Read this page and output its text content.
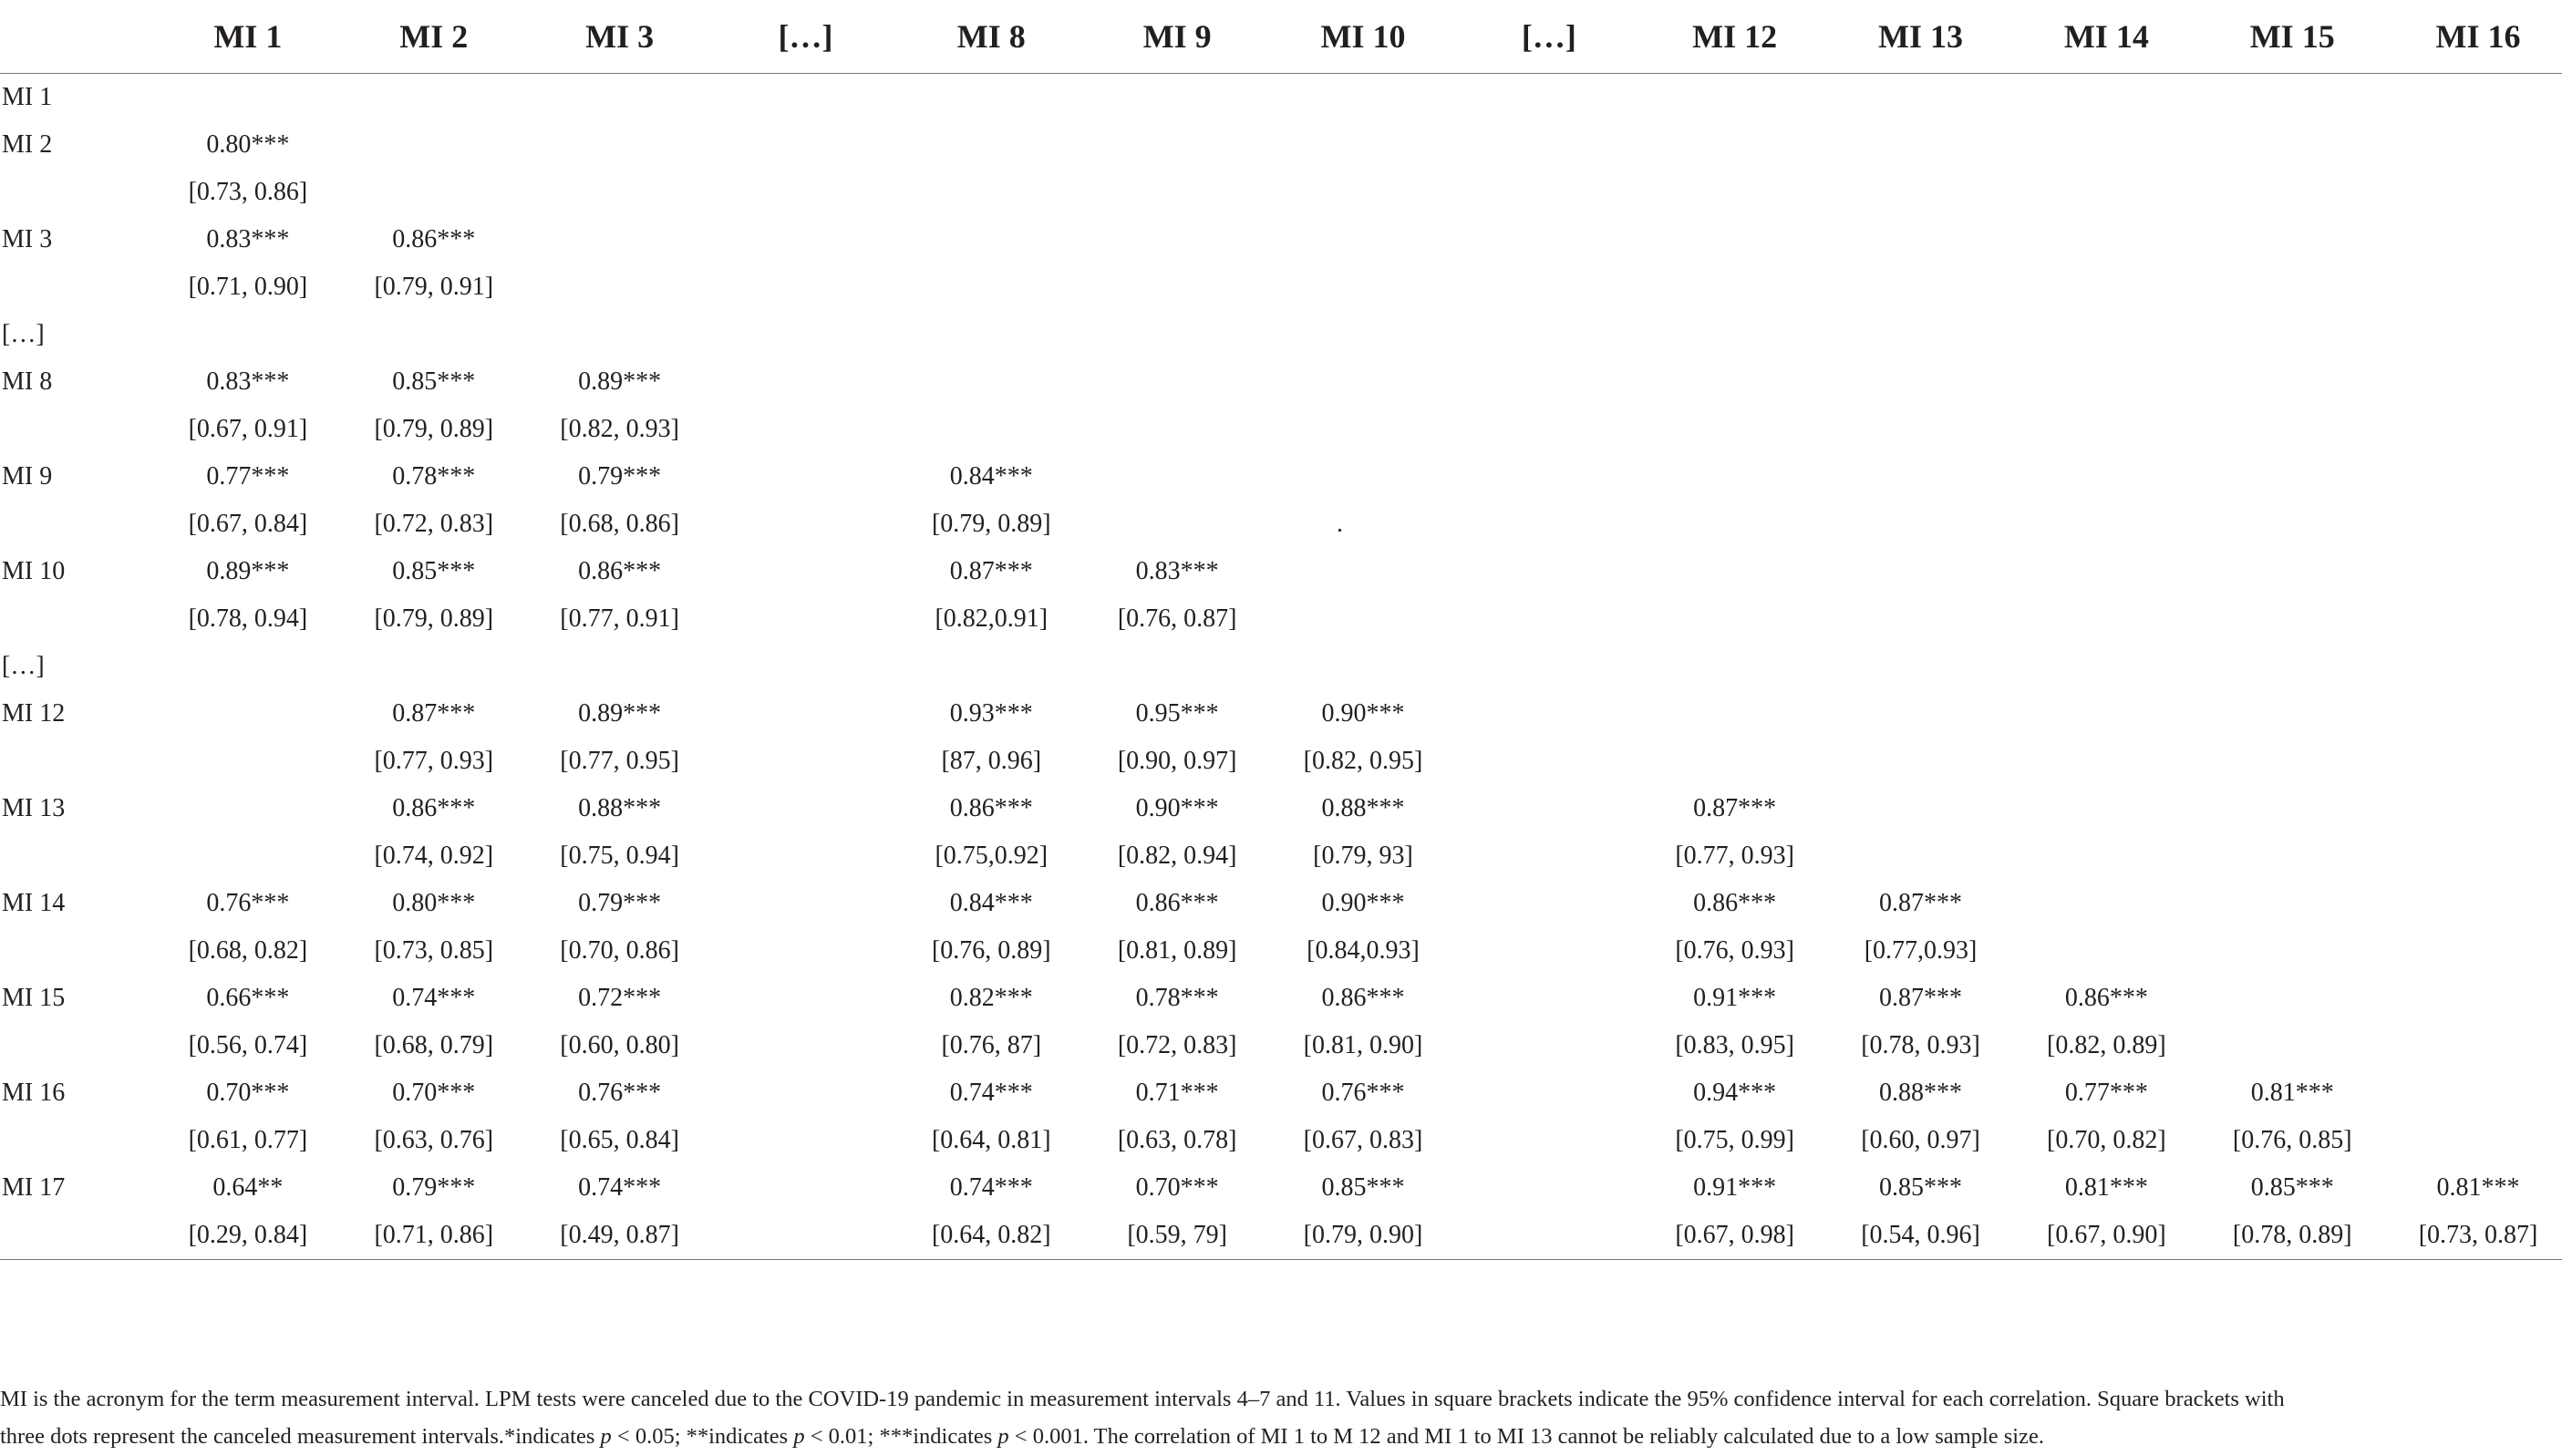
	MI 1	MI 2	MI 3	[…]	MI 8	MI 9	MI 10	[…]	MI 12	MI 13	MI 14	MI 15	MI 16
MI 1													
MI 2	0.80***												
	[0.73, 0.86]												
MI 3	0.83***	0.86***											
	[0.71, 0.90]	[0.79, 0.91]											
[…]													
MI 8	0.83***	0.85***	0.89***										
	[0.67, 0.91]	[0.79, 0.89]	[0.82, 0.93]										
MI 9	0.77***	0.78***	0.79***		0.84***								
	[0.67, 0.84]	[0.72, 0.83]	[0.68, 0.86]		[0.79, 0.89]								
MI 10	0.89***	0.85***	0.86***		0.87***	0.83***							
	[0.78, 0.94]	[0.79, 0.89]	[0.77, 0.91]		[0.82,0.91]	[0.76, 0.87]							
[…]													
MI 12		0.87***	0.89***		0.93***	0.95***	0.90***						
		[0.77, 0.93]	[0.77, 0.95]		[87, 0.96]	[0.90, 0.97]	[0.82, 0.95]						
MI 13		0.86***	0.88***		0.86***	0.90***	0.88***		0.87***				
		[0.74, 0.92]	[0.75, 0.94]		[0.75,0.92]	[0.82, 0.94]	[0.79, 93]		[0.77, 0.93]				
MI 14	0.76***	0.80***	0.79***		0.84***	0.86***	0.90***		0.86***	0.87***			
	[0.68, 0.82]	[0.73, 0.85]	[0.70, 0.86]		[0.76, 0.89]	[0.81, 0.89]	[0.84,0.93]		[0.76, 0.93]	[0.77,0.93]			
MI 15	0.66***	0.74***	0.72***		0.82***	0.78***	0.86***		0.91***	0.87***	0.86***		
	[0.56, 0.74]	[0.68, 0.79]	[0.60, 0.80]		[0.76, 87]	[0.72, 0.83]	[0.81, 0.90]		[0.83, 0.95]	[0.78, 0.93]	[0.82, 0.89]		
MI 16	0.70***	0.70***	0.76***		0.74***	0.71***	0.76***		0.94***	0.88***	0.77***	0.81***	
	[0.61, 0.77]	[0.63, 0.76]	[0.65, 0.84]		[0.64, 0.81]	[0.63, 0.78]	[0.67, 0.83]		[0.75, 0.99]	[0.60, 0.97]	[0.70, 0.82]	[0.76, 0.85]	
MI 17	0.64**	0.79***	0.74***		0.74***	0.70***	0.85***		0.91***	0.85***	0.81***	0.85***	0.81***
	[0.29, 0.84]	[0.71, 0.86]	[0.49, 0.87]		[0.64, 0.82]	[0.59, 79]	[0.79, 0.90]		[0.67, 0.98]	[0.54, 0.96]	[0.67, 0.90]	[0.78, 0.89]	[0.73, 0.87]
.
MI is the acronym for the term measurement interval. LPM tests were canceled due to the COVID-19 pandemic in measurement intervals 4–7 and 11. Values in square brackets indicate the 95% confidence interval for each correlation. Square brackets with
three dots represent the canceled measurement intervals.*indicates p < 0.05; **indicates p < 0.01; ***indicates p < 0.001. The correlation of MI 1 to M 12 and MI 1 to MI 13 cannot be reliably calculated due to a low sample size.
